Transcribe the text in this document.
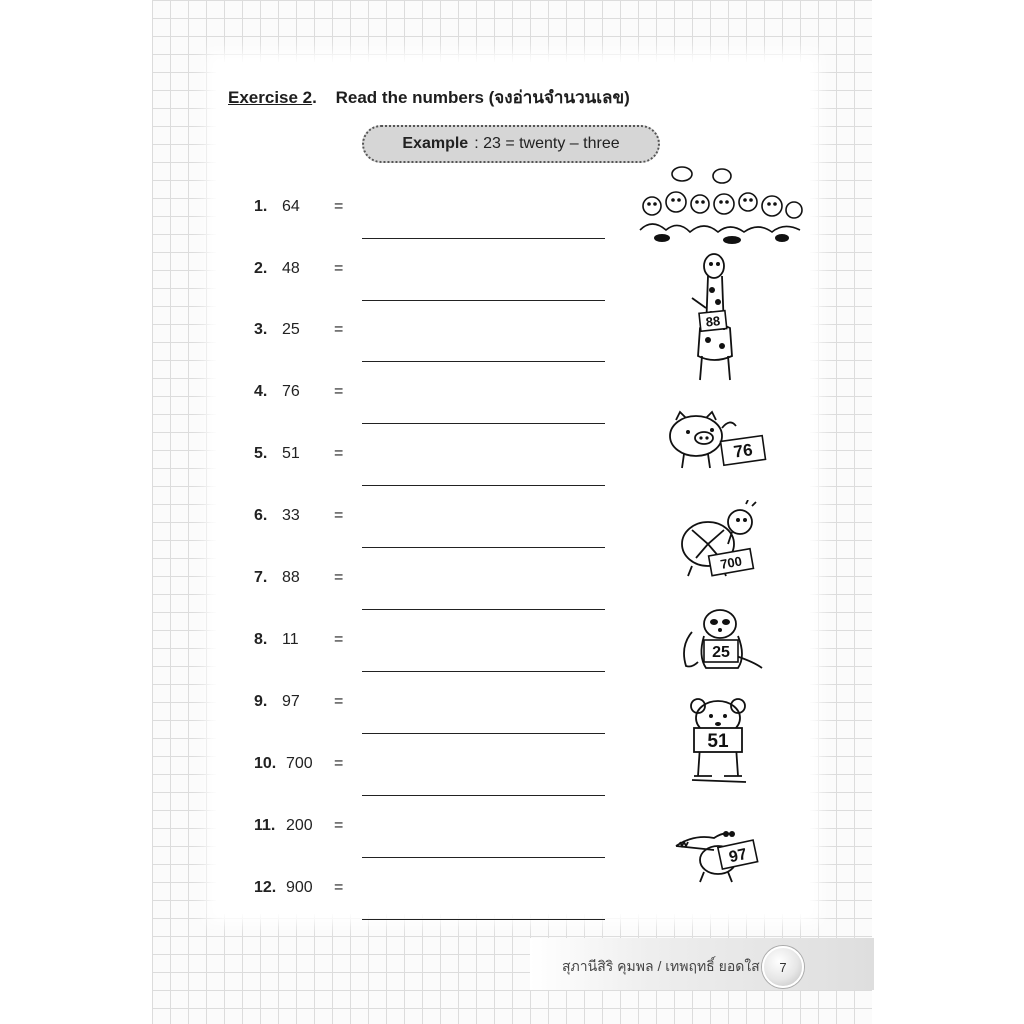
Exercise 2. Read the numbers (จงอ่านจำนวนเลข)
Example : 23 = twenty – three
1. 64 =
2. 48 =
3. 25 =
4. 76 =
5. 51 =
6. 33 =
7. 88 =
8. 11 =
9. 97 =
10. 700 =
11. 200 =
12. 900 =
88
76
700
25
51
97
สุภานีสิริ คุมพล / เทพฤทธิ์ ยอดใส 7
